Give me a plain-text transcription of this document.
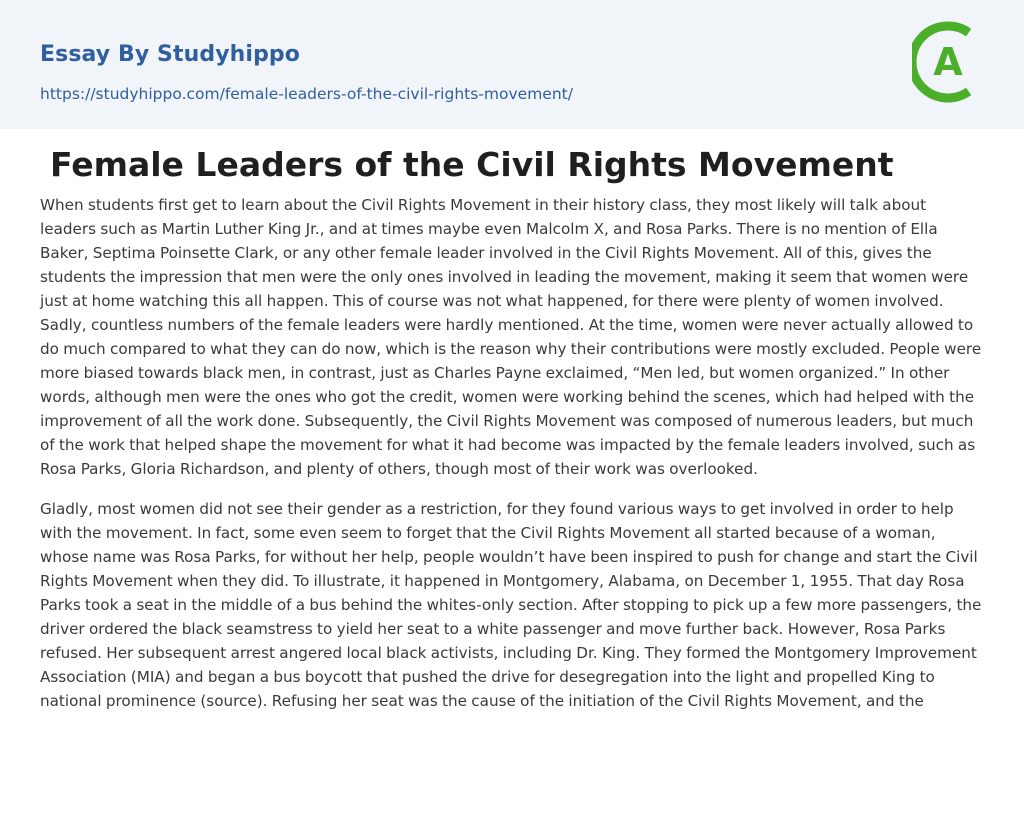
Essay By Studyhippo
https://studyhippo.com/female-leaders-of-the-civil-rights-movement/
A
Female Leaders of the Civil Rights Movement

When students first get to learn about the Civil Rights Movement in their history class, they most likely will talk about leaders such as Martin Luther King Jr., and at times maybe even Malcolm X, and Rosa Parks. There is no mention of Ella Baker, Septima Poinsette Clark, or any other female leader involved in the Civil Rights Movement. All of this, gives the students the impression that men were the only ones involved in leading the movement, making it seem that women were just at home watching this all happen. This of course was not what happened, for there were plenty of women involved. Sadly, countless numbers of the female leaders were hardly mentioned. At the time, women were never actually allowed to do much compared to what they can do now, which is the reason why their contributions were mostly excluded. People were more biased towards black men, in contrast, just as Charles Payne exclaimed, “Men led, but women organized.” In other words, although men were the ones who got the credit, women were working behind the scenes, which had helped with the improvement of all the work done. Subsequently, the Civil Rights Movement was composed of numerous leaders, but much of the work that helped shape the movement for what it had become was impacted by the female leaders involved, such as Rosa Parks, Gloria Richardson, and plenty of others, though most of their work was overlooked.

Gladly, most women did not see their gender as a restriction, for they found various ways to get involved in order to help with the movement. In fact, some even seem to forget that the Civil Rights Movement all started because of a woman, whose name was Rosa Parks, for without her help, people wouldn’t have been inspired to push for change and start the Civil Rights Movement when they did. To illustrate, it happened in Montgomery, Alabama, on December 1, 1955. That day Rosa Parks took a seat in the middle of a bus behind the whites-only section. After stopping to pick up a few more passengers, the driver ordered the black seamstress to yield her seat to a white passenger and move further back. However, Rosa Parks refused. Her subsequent arrest angered local black activists, including Dr. King. They formed the Montgomery Improvement Association (MIA) and began a bus boycott that pushed the drive for desegregation into the light and propelled King to national prominence (source). Refusing her seat was the cause of the initiation of the Civil Rights Movement, and the
